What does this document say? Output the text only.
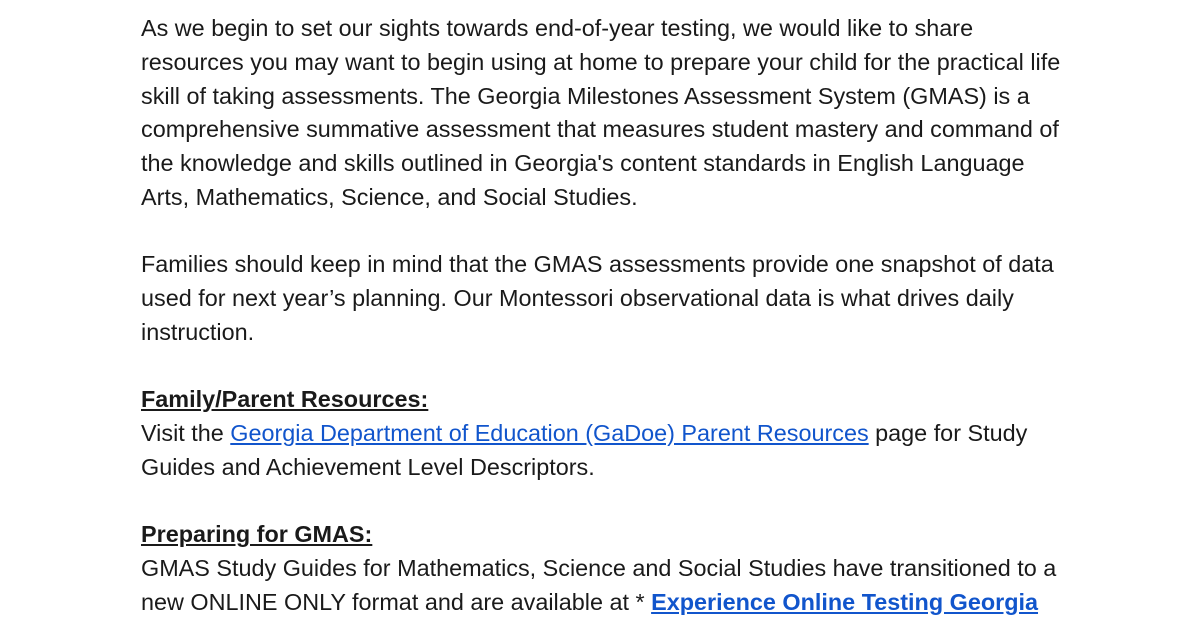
As we begin to set our sights towards end-of-year testing, we would like to share resources you may want to begin using at home to prepare your child for the practical life skill of taking assessments. The Georgia Milestones Assessment System (GMAS) is a comprehensive summative assessment that measures student mastery and command of the knowledge and skills outlined in Georgia's content standards in English Language Arts, Mathematics, Science, and Social Studies.

Families should keep in mind that the GMAS assessments provide one snapshot of data used for next year’s planning. Our Montessori observational data is what drives daily instruction.

Family/Parent Resources:

Visit the Georgia Department of Education (GaDoe) Parent Resources page for Study Guides and Achievement Level Descriptors.

Preparing for GMAS:

GMAS Study Guides for Mathematics, Science and Social Studies have transitioned to a new ONLINE ONLY format and are available at * Experience Online Testing Georgia
